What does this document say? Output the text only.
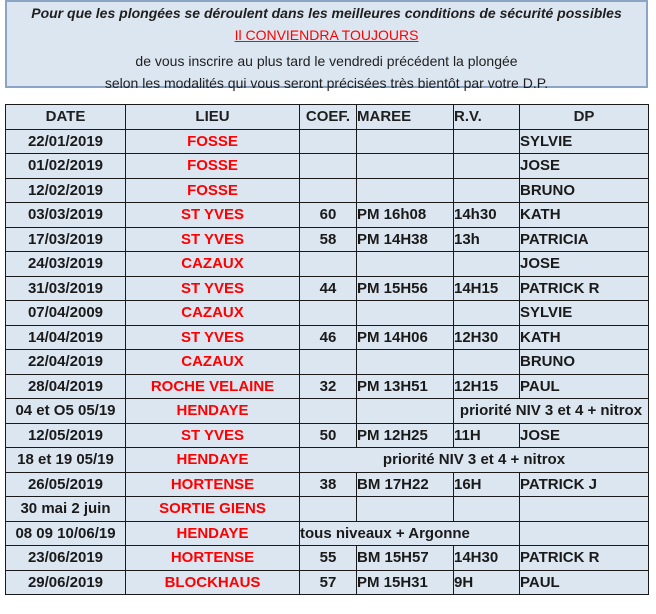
Pour que les plongées se déroulent dans les meilleures conditions de sécurité possibles
Il CONVIENDRA TOUJOURS
de vous inscrire au plus tard le vendredi précédent la plongée
selon les modalités qui vous seront précisées très bientôt par votre D.P.
DATE	LIEU	COEF.	MAREE	R.V.	DP
22/01/2019	FOSSE				SYLVIE
01/02/2019	FOSSE				JOSE
12/02/2019	FOSSE				BRUNO
03/03/2019	ST YVES	60	PM 16h08	14h30	KATH
17/03/2019	ST YVES	58	PM 14H38	13h	PATRICIA
24/03/2019	CAZAUX				JOSE
31/03/2019	ST YVES	44	PM 15H56	14H15	PATRICK R
07/04/2009	CAZAUX				SYLVIE
14/04/2019	ST YVES	46	PM 14H06	12H30	KATH
22/04/2019	CAZAUX				BRUNO
28/04/2019	ROCHE VELAINE	32	PM 13H51	12H15	PAUL
04 et O5 05/19	HENDAYE			priorité NIV 3 et 4 + nitrox	
12/05/2019	ST YVES	50	PM 12H25	11H	JOSE
18 et 19 05/19	HENDAYE	priorité NIV 3 et 4 + nitrox			
26/05/2019	HORTENSE	38	BM 17H22	16H	PATRICK J
30 mai 2 juin	SORTIE GIENS				
08 09 10/06/19	HENDAYE	tous niveaux + Argonne			
23/06/2019	HORTENSE	55	BM 15H57	14H30	PATRICK R
29/06/2019	BLOCKHAUS	57	PM 15H31	9H	PAUL
